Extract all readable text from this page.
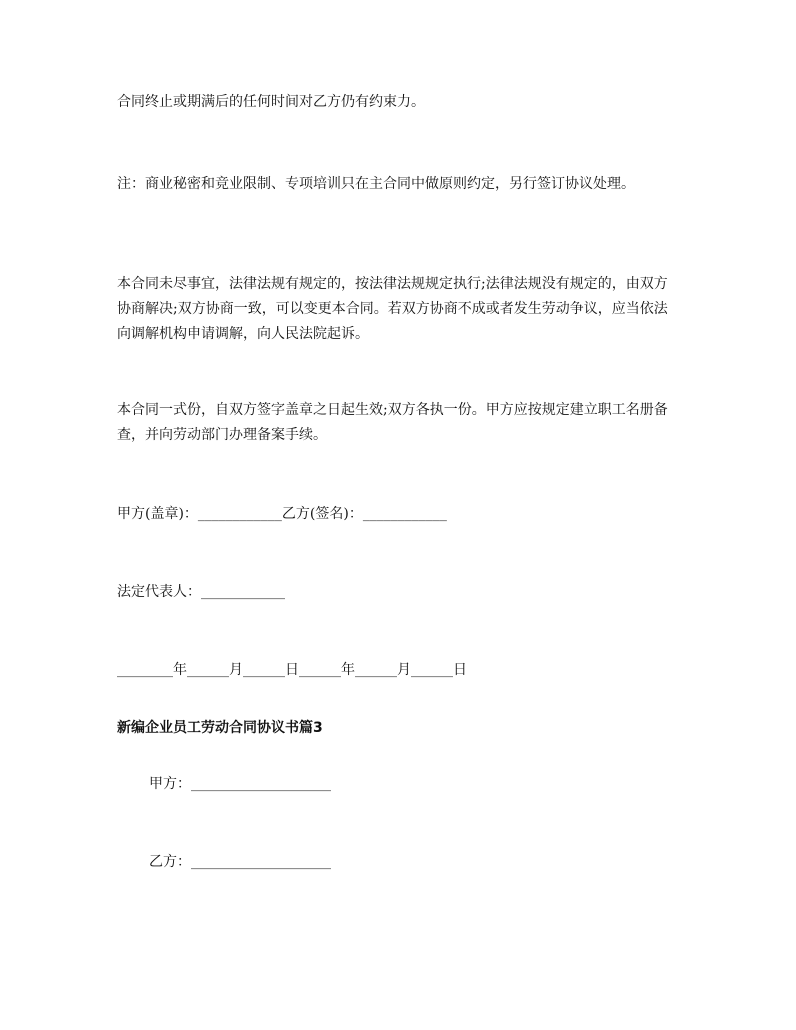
合同终止或期满后的任何时间对乙方仍有约束力。

注：商业秘密和竞业限制、专项培训只在主合同中做原则约定，另行签订协议处理。

本合同未尽事宜，法律法规有规定的，按法律法规规定执行;法律法规没有规定的，由双方协商解决;双方协商一致，可以变更本合同。若双方协商不成或者发生劳动争议，应当依法向调解机构申请调解，向人民法院起诉。

本合同一式份，自双方签字盖章之日起生效;双方各执一份。甲方应按规定建立职工名册备查，并向劳动部门办理备案手续。

甲方(盖章)：____________乙方(签名)：____________

法定代表人：____________

________年______月______日______年______月______日

新编企业员工劳动合同协议书篇3

甲方：____________________

乙方：____________________
